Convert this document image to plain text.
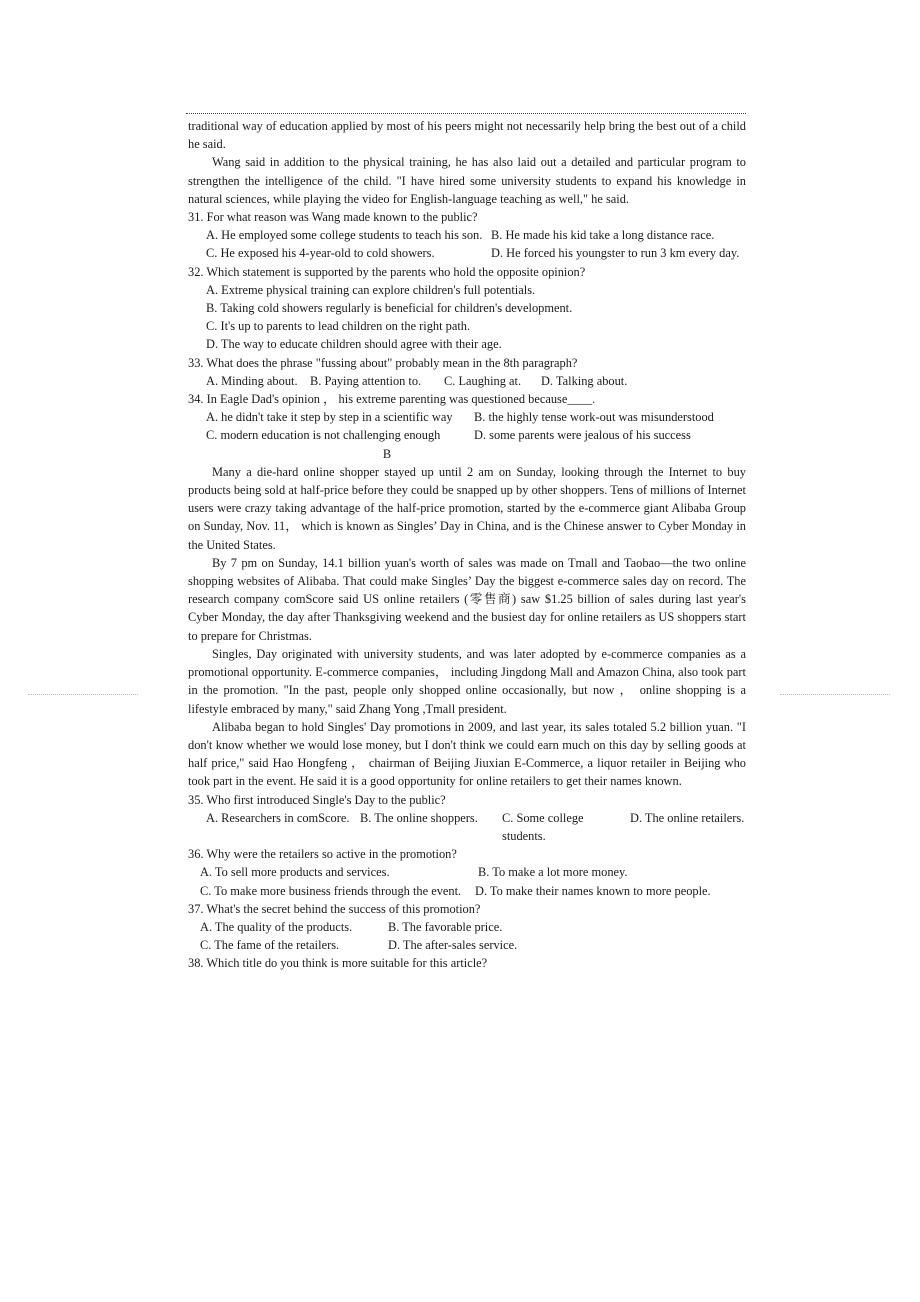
traditional way of education applied by most of his peers might not necessarily help bring the best out of a child he said.

Wang said in addition to the physical training, he has also laid out a detailed and particular program to strengthen the intelligence of the child. "I have hired some university students to expand his knowledge in natural sciences, while playing the video for English-language teaching as well," he said.

31. For what reason was Wang made known to the public?

A. He employed some college students to teach his son. B. He made his kid take a long distance race.
C. He exposed his 4-year-old to cold showers.	D. He forced his youngster to run 3 km every day.

32. Which statement is supported by the parents who hold the opposite opinion?

A. Extreme physical training can explore children's full potentials.

B. Taking cold showers regularly is beneficial for children's development.

C. It's up to parents to lead children on the right path.

D. The way to educate children should agree with their age.

33. What does the phrase "fussing about" probably mean in the 8th paragraph?

A. Minding about.	B. Paying attention to.	C. Laughing at.	D. Talking about.

34. In Eagle Dad's opinion ， his extreme parenting was questioned because____.

A. he didn't take it step by step in a scientific way	B. the highly tense work-out was misunderstood
C. modern education is not challenging enough	D. some parents were jealous of his success

B

Many a die-hard online shopper stayed up until 2 am on Sunday, looking through the Internet to buy products being sold at half-price before they could be snapped up by other shoppers. Tens of millions of Internet users were crazy taking advantage of the half-price promotion, started by the e-commerce giant Alibaba Group on Sunday, Nov. 11， which is known as Singles’ Day in China, and is the Chinese answer to Cyber Monday in the United States.

By 7 pm on Sunday, 14.1 billion yuan's worth of sales was made on Tmall and Taobao—the two online shopping websites of Alibaba. That could make Singles’ Day the biggest e-commerce sales day on record. The research company comScore said US online retailers (零售商) saw $1.25 billion of sales during last year's Cyber Monday, the day after Thanksgiving weekend and the busiest day for online retailers as US shoppers start to prepare for Christmas.

Singles, Day originated with university students, and was later adopted by e-commerce companies as a promotional opportunity. E-commerce companies， including Jingdong Mall and Amazon China, also took part in the promotion. "In the past, people only shopped online occasionally, but now ， online shopping is a lifestyle embraced by many," said Zhang Yong ,Tmall president.

Alibaba began to hold Singles' Day promotions in 2009, and last year, its sales totaled 5.2 billion yuan. "I don't know whether we would lose money, but I don't think we could earn much on this day by selling goods at half price," said Hao Hongfeng ， chairman of Beijing Jiuxian E-Commerce, a liquor retailer in Beijing who took part in the event. He said it is a good opportunity for online retailers to get their names known.

35. Who first introduced Single's Day to the public?

A. Researchers in comScore. B. The online shoppers.	C. Some college students.
D. The online retailers.

36. Why were the retailers so active in the promotion?

A. To sell more products and services.	B. To make a lot more money.
C. To make more business friends through the event.	D. To make their names known to more people.

37. What's the secret behind the success of this promotion?

A. The quality of the products.	B. The favorable price.
C. The fame of the retailers.	D. The after-sales service.

38. Which title do you think is more suitable for this article?
